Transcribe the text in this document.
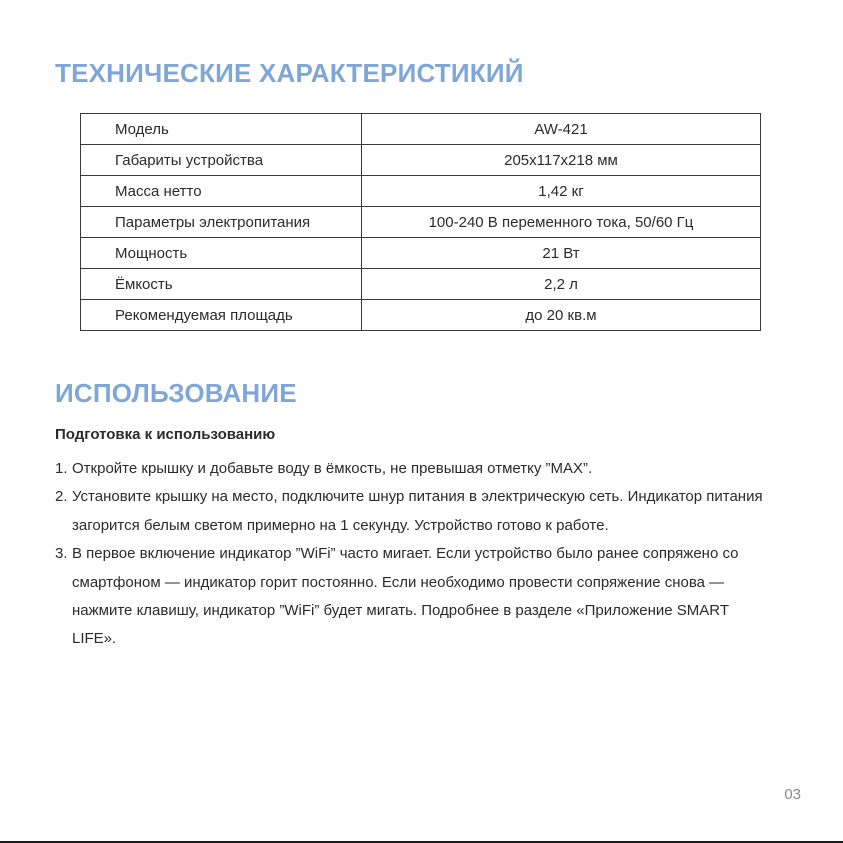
ТЕХНИЧЕСКИЕ ХАРАКТЕРИСТИКИЙ
Модель	AW-421
Габариты устройства	205х117х218 мм
Масса нетто	1,42 кг
Параметры электропитания	100-240 В переменного тока, 50/60 Гц
Мощность	21 Вт
Ёмкость	2,2 л
Рекомендуемая площадь	до 20 кв.м
ИСПОЛЬЗОВАНИЕ

Подготовка к использованию

1. Откройте крышку и добавьте воду в ёмкость, не превышая отметку ”MAX”.
2. Установите крышку на место, подключите шнур питания в электрическую сеть. Индикатор питания загорится белым светом примерно на 1 секунду. Устройство готово к работе.
3. В первое включение индикатор ”WiFi” часто мигает. Если устройство было ранее сопряжено со смартфоном — индикатор горит постоянно. Если необходимо провести сопряжение снова — нажмите клавишу, индикатор ”WiFi” будет мигать. Подробнее в разделе «Приложение SMART LIFE».
03
